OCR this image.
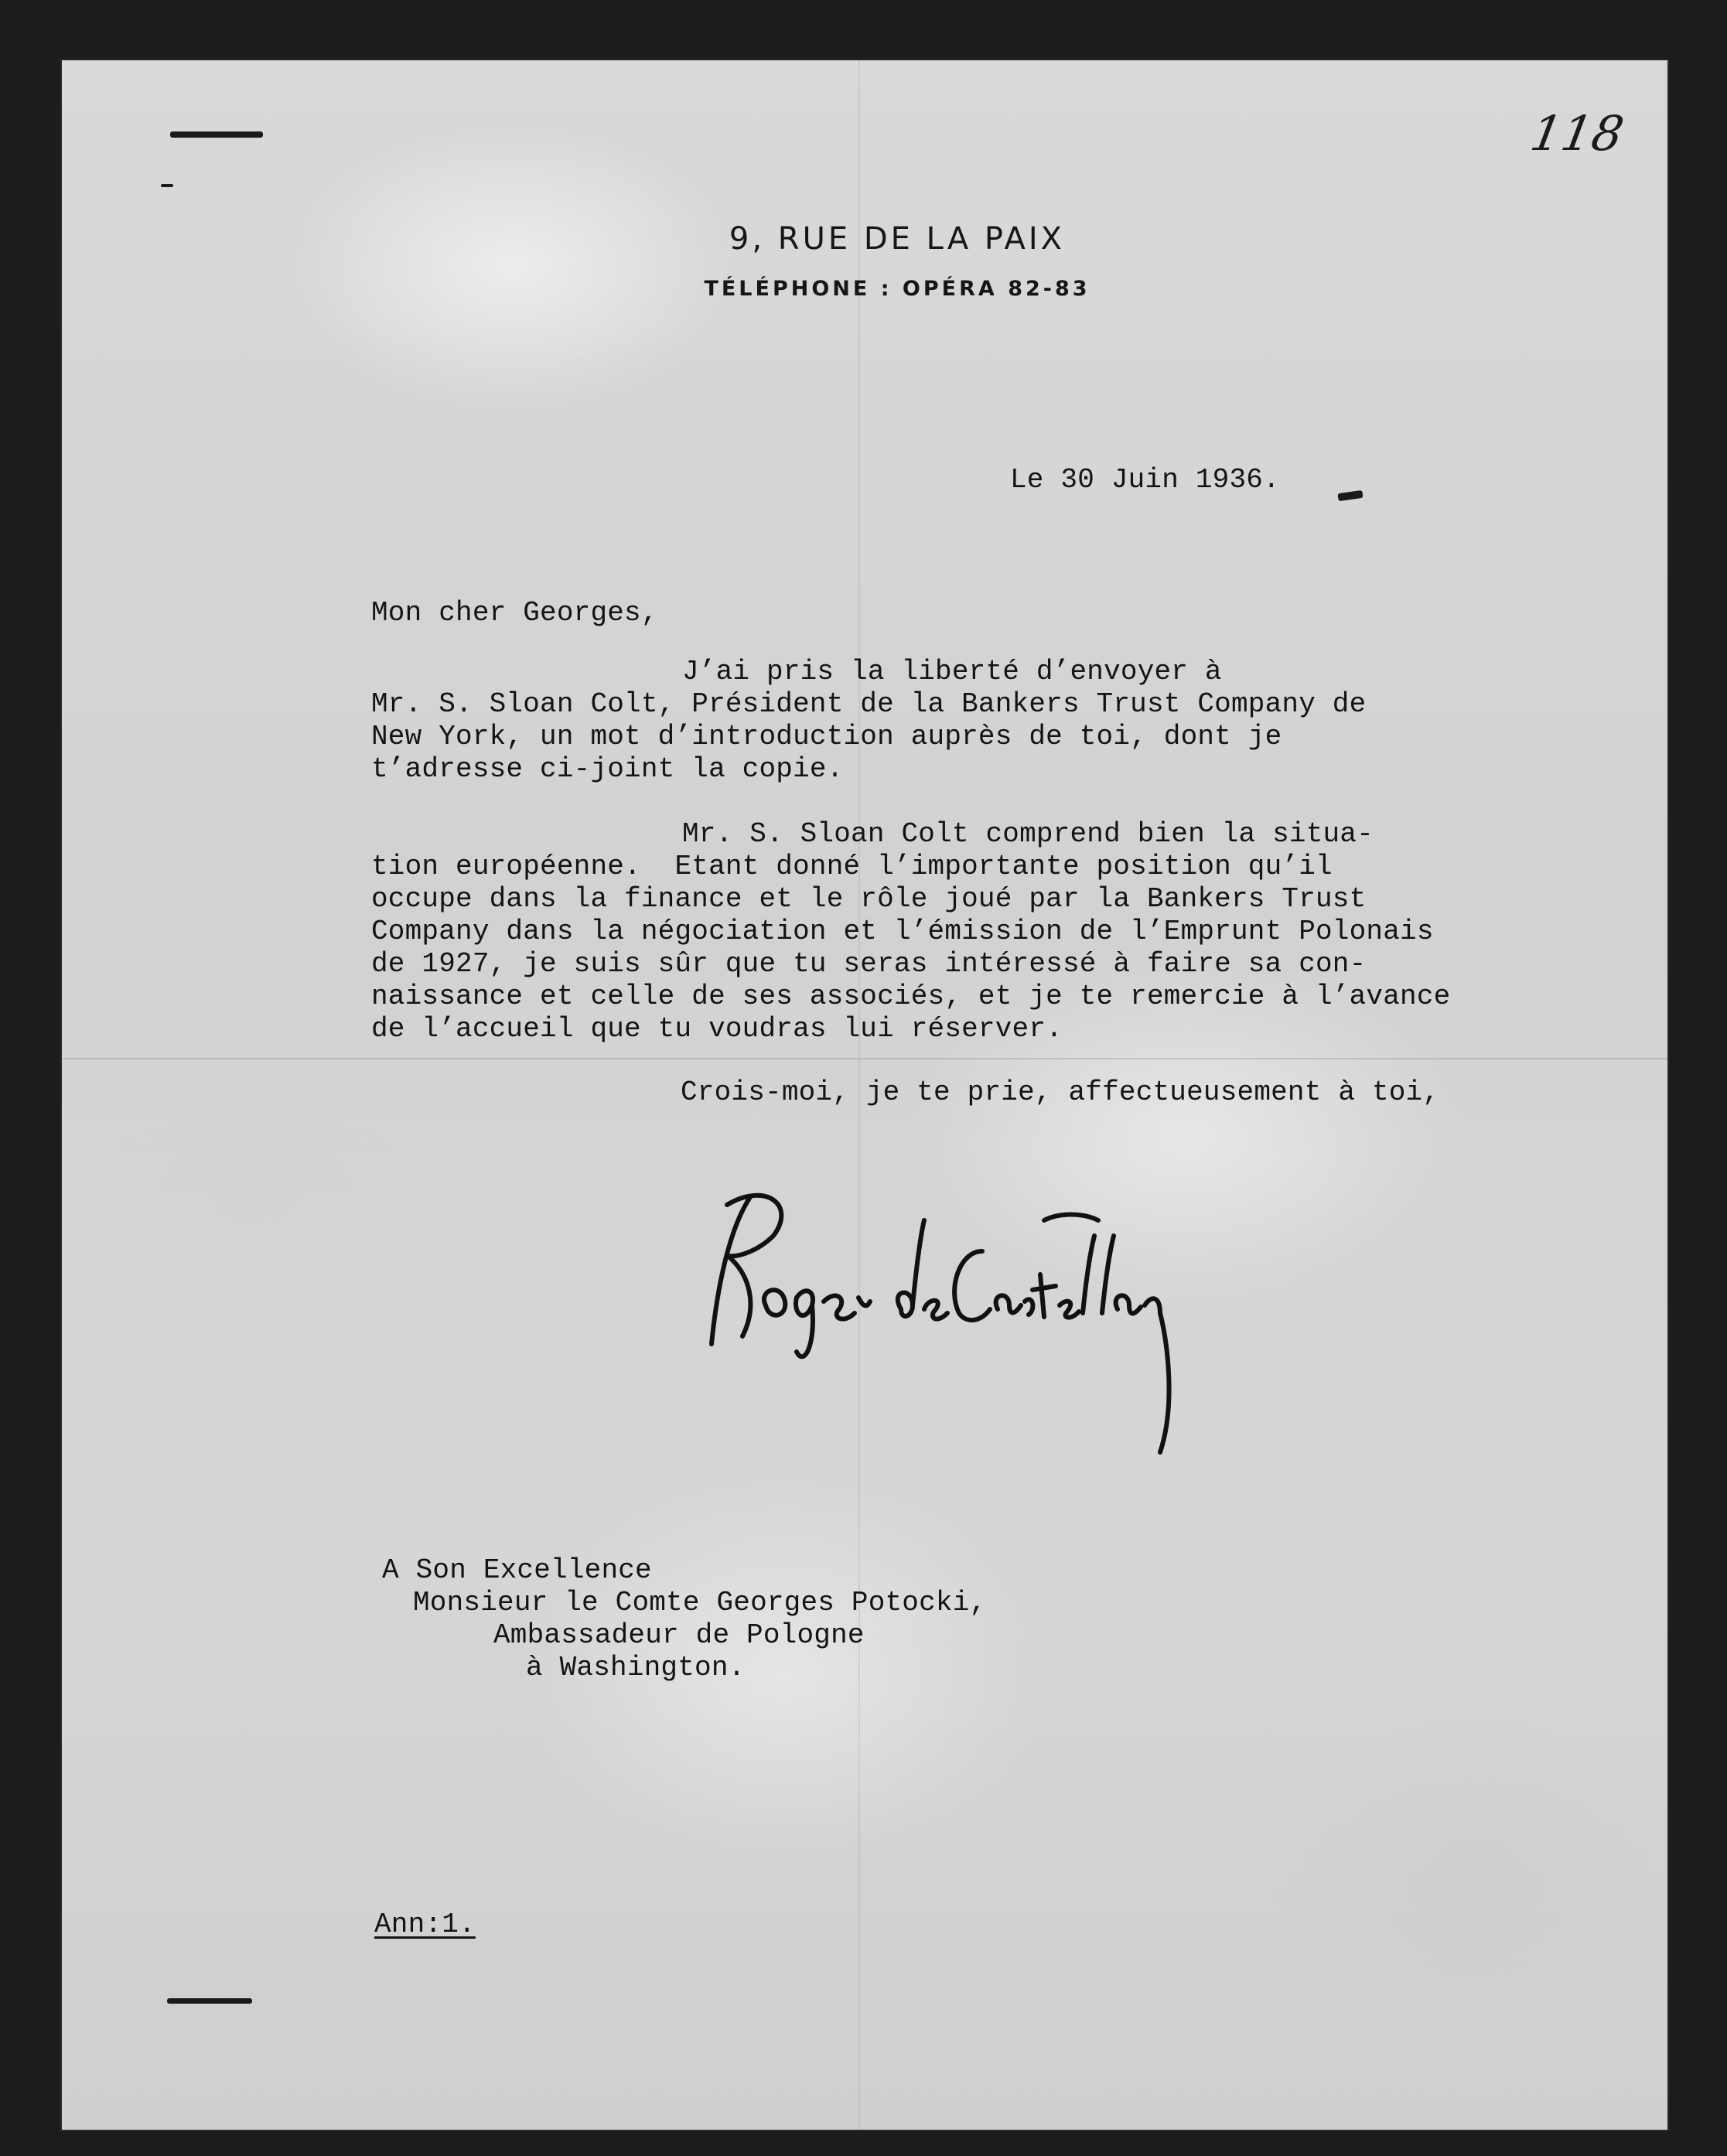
118
9, RUE DE LA PAIX
TÉLÉPHONE : OPÉRA 82-83
Le 30 Juin 1936.
Mon cher Georges,
J’ai pris la liberté d’envoyer à
Mr. S. Sloan Colt, Président de la Bankers Trust Company de
New York, un mot d’introduction auprès de toi, dont je
t’adresse ci-joint la copie.
Mr. S. Sloan Colt comprend bien la situa-
tion européenne.  Etant donné l’importante position qu’il
occupe dans la finance et le rôle joué par la Bankers Trust
Company dans la négociation et l’émission de l’Emprunt Polonais
de 1927, je suis sûr que tu seras intéressé à faire sa con-
naissance et celle de ses associés, et je te remercie à l’avance
de l’accueil que tu voudras lui réserver.
Crois-moi, je te prie, affectueusement à toi,
A Son Excellence
Monsieur le Comte Georges Potocki,
Ambassadeur de Pologne
à Washington.
Ann:1.
